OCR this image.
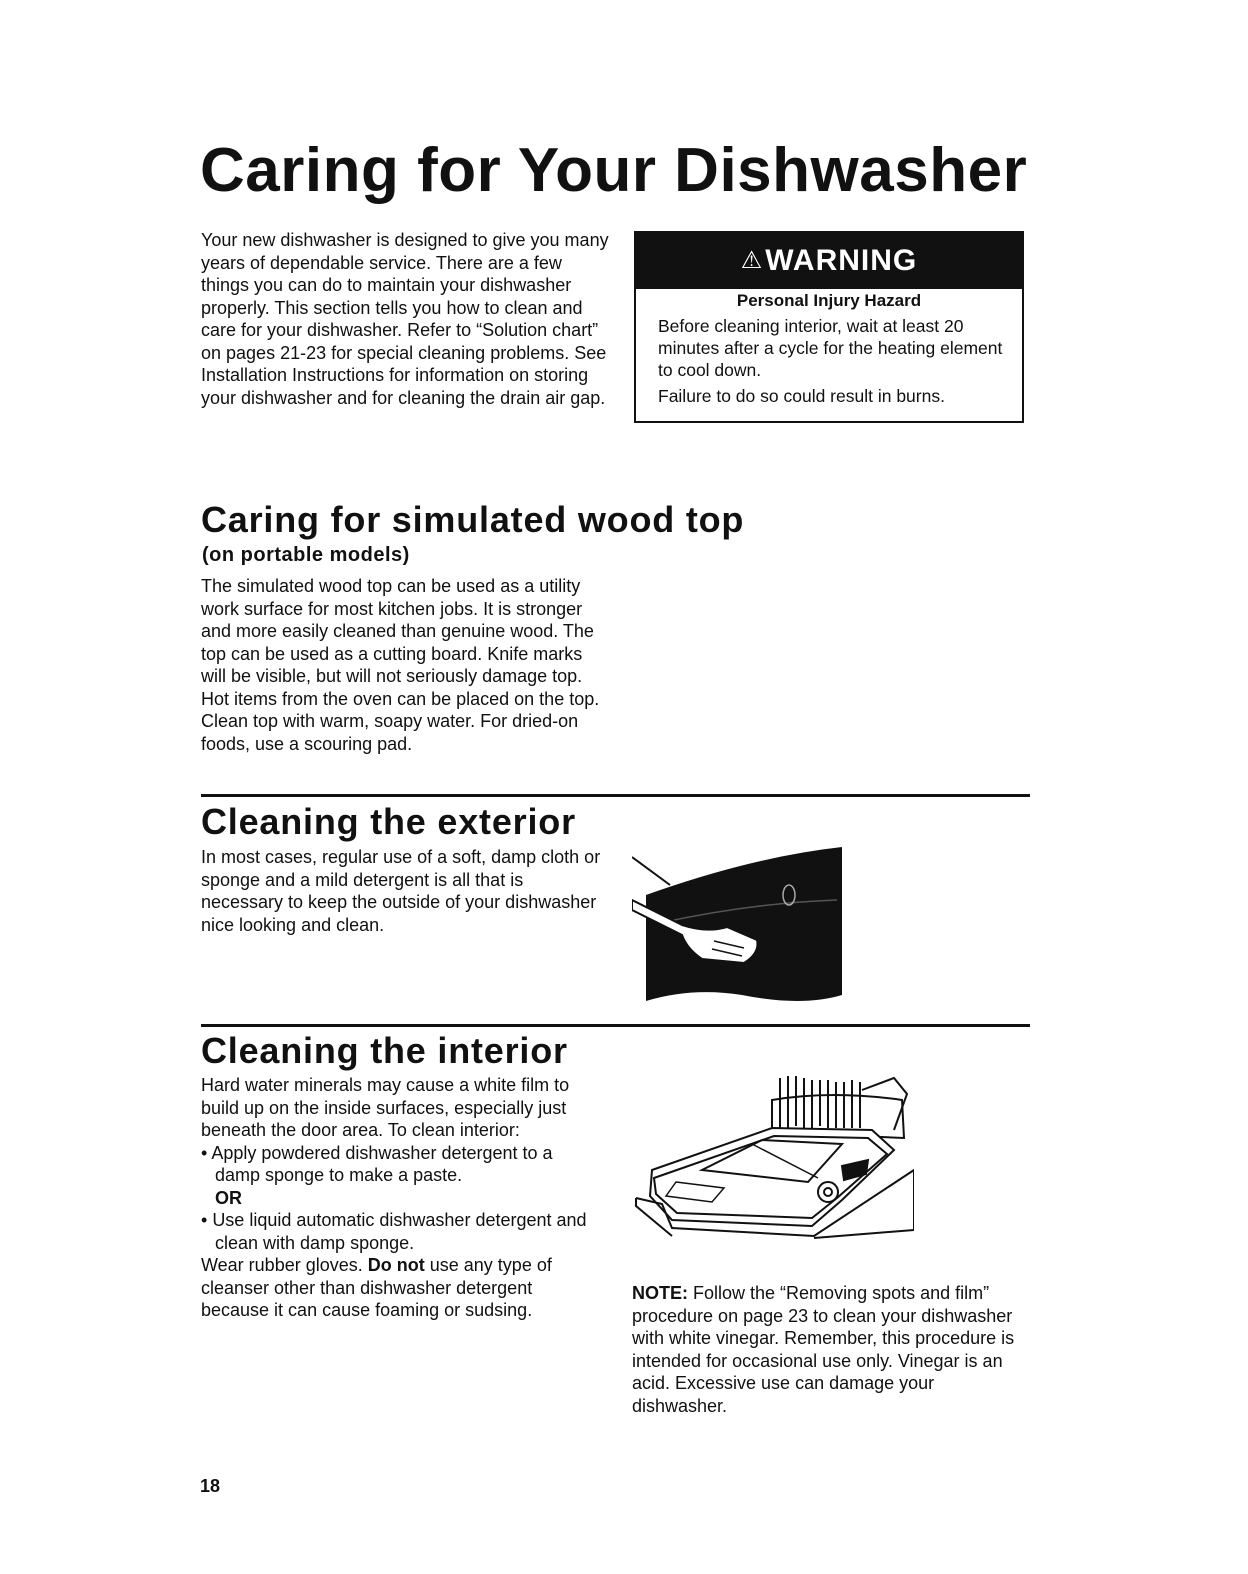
Caring for Your Dishwasher
Your new dishwasher is designed to give you many years of dependable service. There are a few things you can do to maintain your dishwasher properly. This section tells you how to clean and care for your dishwasher. Refer to “Solution chart” on pages 21-23 for special cleaning problems. See Installation Instructions for information on storing your dishwasher and for cleaning the drain air gap.
⚠WARNING
Personal Injury Hazard

Before cleaning interior, wait at least 20 minutes after a cycle for the heating element to cool down.

Failure to do so could result in burns.

Caring for simulated wood top
(on portable models)
The simulated wood top can be used as a utility work surface for most kitchen jobs. It is stronger and more easily cleaned than genuine wood. The top can be used as a cutting board. Knife marks will be visible, but will not seriously damage top. Hot items from the oven can be placed on the top. Clean top with warm, soapy water. For dried-on foods, use a scouring pad.
Cleaning the exterior
In most cases, regular use of a soft, damp cloth or sponge and a mild detergent is all that is necessary to keep the outside of your dishwasher nice looking and clean.
Cleaning the interior

Hard water minerals may cause a white film to build up on the inside surfaces, especially just beneath the door area. To clean interior:

• Apply powdered dishwasher detergent to a damp sponge to make a paste.

OR

• Use liquid automatic dishwasher detergent and clean with damp sponge.

Wear rubber gloves. Do not use any type of cleanser other than dishwasher detergent because it can cause foaming or sudsing.

NOTE: Follow the “Removing spots and film” procedure on page 23 to clean your dishwasher with white vinegar. Remember, this procedure is intended for occasional use only. Vinegar is an acid. Excessive use can damage your dishwasher.
18
